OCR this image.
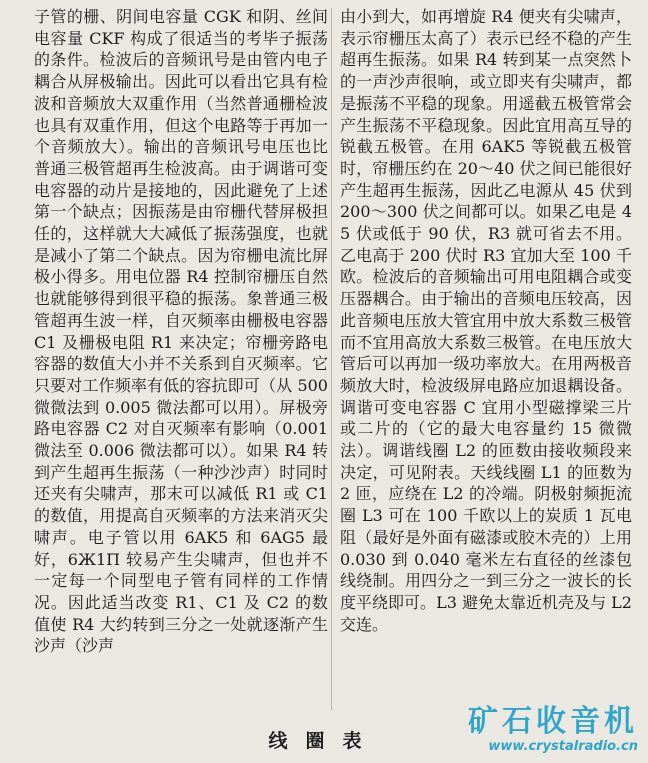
子管的栅、阴间电容量 CGK 和阴、丝间电容量 CKF 构成了很适当的考毕子振荡的条件。检波后的音频讯号是由管内电子耦合从屏极输出。因此可以看出它具有检波和音频放大双重作用（当然普通栅检波也具有双重作用，但这个电路等于再加一个音频放大）。输出的音频讯号电压也比普通三极管超再生检波高。由于调谐可变电容器的动片是接地的，因此避免了上述第一个缺点；因振荡是由帘栅代替屏极担任的，这样就大大减低了振荡强度，也就是减小了第二个缺点。因为帘栅电流比屏极小得多。用电位器 R4 控制帘栅压自然也就能够得到很平稳的振荡。象普通三极管超再生波一样，自灭频率由栅极电容器 C1 及栅极电阻 R1 来决定；帘栅旁路电容器的数值大小并不关系到自灭频率。它只要对工作频率有低的容抗即可（从 500 微微法到 0.005 微法都可以用）。屏极旁路电容器 C2 对自灭频率有影响（0.001 微法至 0.006 微法都可以）。如果 R4 转到产生超再生振荡（一种沙沙声）时同时还夹有尖啸声，那末可以减低 R1 或 C1 的数值，用提高自灭频率的方法来消灭尖啸声。电子管以用 6AK5 和 6AG5 最好，6Ж1П 较易产生尖啸声，但也并不一定每一个同型电子管有同样的工作情况。因此适当改变 R1、C1 及 C2 的数值使 R4 大约转到三分之一处就逐渐产生沙声（沙声

由小到大，如再增旋 R4 便夹有尖啸声，表示帘栅压太高了）表示已经不稳的产生超再生振荡。如果 R4 转到某一点突然卜的一声沙声很响，或立即夹有尖啸声，都是振荡不平稳的现象。用遥截五极管常会产生振荡不平稳现象。因此宜用高互导的锐截五极管。在用 6AK5 等锐截五极管时，帘栅压约在 20～40 伏之间已能很好产生超再生振荡，因此乙电源从 45 伏到 200～300 伏之间都可以。如果乙电是 45 伏或低于 90 伏，R3 就可省去不用。乙电高于 200 伏时 R3 宜加大至 100 千欧。检波后的音频输出可用电阻耦合或变压器耦合。由于输出的音频电压较高，因此音频电压放大管宜用中放大系数三极管而不宜用高放大系数三极管。在电压放大管后可以再加一级功率放大。在用两极音频放大时，检波级屏电路应加退耦设备。调谐可变电容器 C 宜用小型磁撑梁三片或二片的（它的最大电容量约 15 微微法）。调谐线圈 L2 的匝数由接收频段来决定，可见附表。天线线圈 L1 的匝数为 2 匝，应绕在 L2 的冷端。阴极射频扼流圈 L3 可在 100 千欧以上的炭质 1 瓦电阻（最好是外面有磁漆或胶木壳的）上用 0.030 到 0.040 毫米左右直径的丝漆包线绕制。用四分之一到三分之一波长的长度平绕即可。L3 避免太靠近机壳及与 L2 交连。

线圈表
矿石收音机
www.crystalradio.cn
